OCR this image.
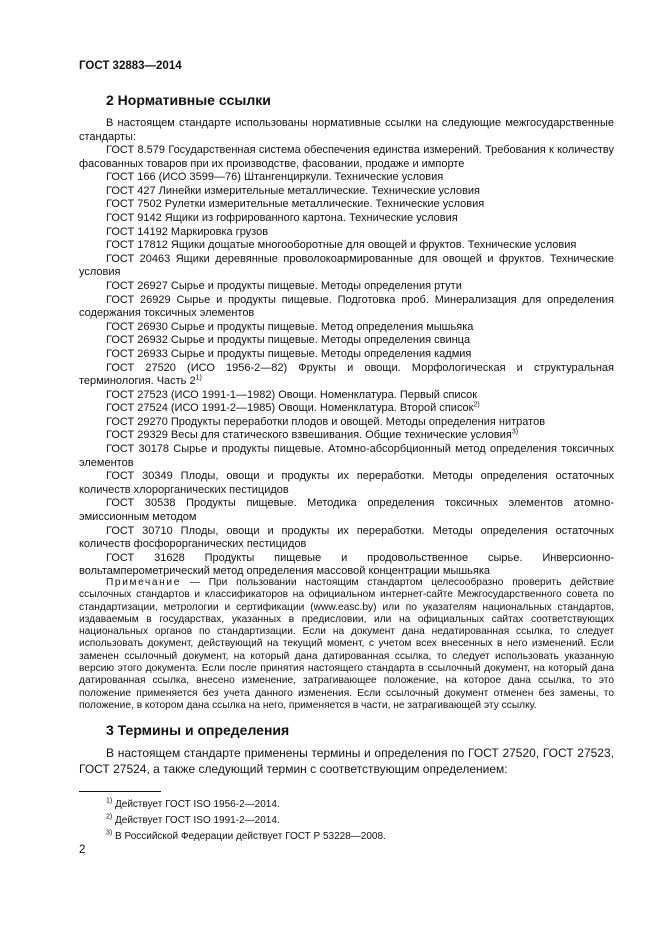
ГОСТ 32883—2014
2 Нормативные ссылки

В настоящем стандарте использованы нормативные ссылки на следующие межгосударственные стандарты:

ГОСТ 8.579 Государственная система обеспечения единства измерений. Требования к количеству фасованных товаров при их производстве, фасовании, продаже и импорте

ГОСТ 166 (ИСО 3599—76) Штангенциркули. Технические условия

ГОСТ 427 Линейки измерительные металлические. Технические условия

ГОСТ 7502 Рулетки измерительные металлические. Технические условия

ГОСТ 9142 Ящики из гофрированного картона. Технические условия

ГОСТ 14192 Маркировка грузов

ГОСТ 17812 Ящики дощатые многооборотные для овощей и фруктов. Технические условия

ГОСТ 20463 Ящики деревянные проволокоармированные для овощей и фруктов. Технические условия

ГОСТ 26927 Сырье и продукты пищевые. Методы определения ртути

ГОСТ 26929 Сырье и продукты пищевые. Подготовка проб. Минерализация для определения содержания токсичных элементов

ГОСТ 26930 Сырье и продукты пищевые. Метод определения мышьяка

ГОСТ 26932 Сырье и продукты пищевые. Методы определения свинца

ГОСТ 26933 Сырье и продукты пищевые. Методы определения кадмия

ГОСТ 27520 (ИСО 1956-2—82) Фрукты и овощи. Морфологическая и структуральная терминология. Часть 2$^{1)}$

ГОСТ 27523 (ИСО 1991-1—1982) Овощи. Номенклатура. Первый список

ГОСТ 27524 (ИСО 1991-2—1985) Овощи. Номенклатура. Второй список$^{2)}$

ГОСТ 29270 Продукты переработки плодов и овощей. Методы определения нитратов

ГОСТ 29329 Весы для статического взвешивания. Общие технические условия$^{3)}$

ГОСТ 30178 Сырье и продукты пищевые. Атомно-абсорбционный метод определения токсичных элементов

ГОСТ 30349 Плоды, овощи и продукты их переработки. Методы определения остаточных количеств хлорорганических пестицидов

ГОСТ 30538 Продукты пищевые. Методика определения токсичных элементов атомно-эмиссионным методом

ГОСТ 30710 Плоды, овощи и продукты их переработки. Методы определения остаточных количеств фосфорорганических пестицидов

ГОСТ 31628 Продукты пищевые и продовольственное сырье. Инверсионно-вольтамперометрический метод определения массовой концентрации мышьяка

Примечание — При пользовании настоящим стандартом целесообразно проверить действие ссылочных стандартов и классификаторов на официальном интернет-сайте Межгосударственного совета по стандартизации, метрологии и сертификации (www.easc.by) или по указателям национальных стандартов, издаваемым в государствах, указанных в предисловии, или на официальных сайтах соответствующих национальных органов по стандартизации. Если на документ дана недатированная ссылка, то следует использовать документ, действующий на текущий момент, с учетом всех внесенных в него изменений. Если заменен ссылочный документ, на который дана датированная ссылка, то следует использовать указанную версию этого документа. Если после принятия настоящего стандарта в ссылочный документ, на который дана датированная ссылка, внесено изменение, затрагивающее положение, на которое дана ссылка, то это положение применяется без учета данного изменения. Если ссылочный документ отменен без замены, то положение, в котором дана ссылка на него, применяется в части, не затрагивающей эту ссылку.

3 Термины и определения

В настоящем стандарте применены термины и определения по ГОСТ 27520, ГОСТ 27523, ГОСТ 27524, а также следующий термин с соответствующим определением:

$^{1)}$ Действует ГОСТ ISO 1956-2—2014.
$^{2)}$ Действует ГОСТ ISO 1991-2—2014.
$^{3)}$ В Российской Федерации действует ГОСТ Р 53228—2008.
2
